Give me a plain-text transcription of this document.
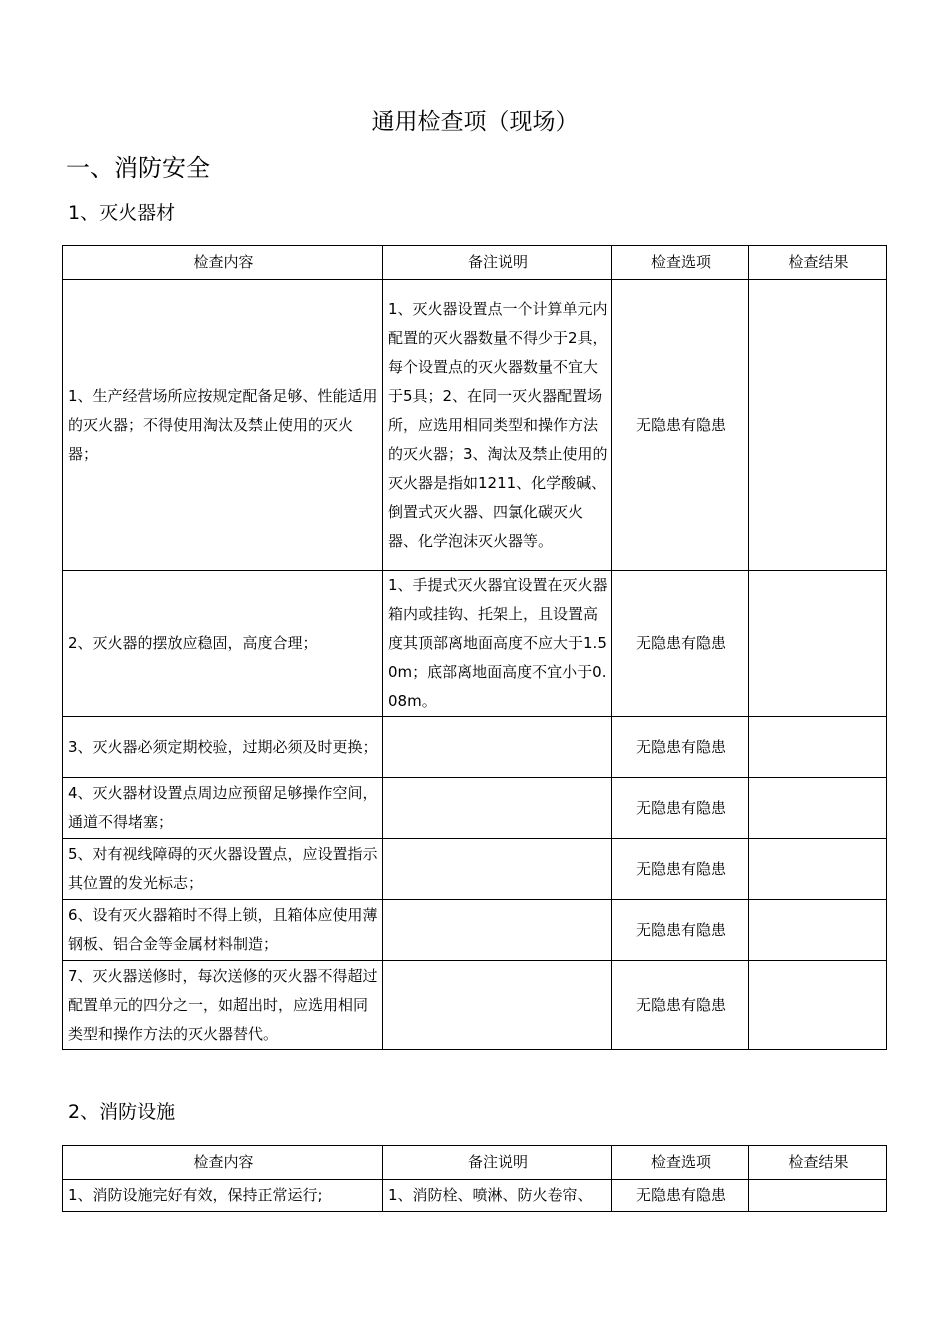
通用检查项（现场）
一、消防安全
1、灭火器材
检查内容	备注说明	检查选项	检查结果
1、生产经营场所应按规定配备足够、性能适用的灭火器；不得使用淘汰及禁止使用的灭火器；	1、灭火器设置点一个计算单元内配置的灭火器数量不得少于2具，每个设置点的灭火器数量不宜大于5具；2、在同一灭火器配置场所，应选用相同类型和操作方法的灭火器；3、淘汰及禁止使用的灭火器是指如1211、化学酸碱、倒置式灭火器、四氯化碳灭火器、化学泡沫灭火器等。	无隐患有隐患	
2、灭火器的摆放应稳固，高度合理；	1、手提式灭火器宜设置在灭火器箱内或挂钩、托架上，且设置高度其顶部离地面高度不应大于1.50m；底部离地面高度不宜小于0.08m。	无隐患有隐患	
3、灭火器必须定期校验，过期必须及时更换；		无隐患有隐患	
4、灭火器材设置点周边应预留足够操作空间，通道不得堵塞；		无隐患有隐患	
5、对有视线障碍的灭火器设置点，应设置指示其位置的发光标志；		无隐患有隐患	
6、设有灭火器箱时不得上锁，且箱体应使用薄钢板、铝合金等金属材料制造；		无隐患有隐患	
7、灭火器送修时，每次送修的灭火器不得超过配置单元的四分之一，如超出时，应选用相同类型和操作方法的灭火器替代。		无隐患有隐患	
2、消防设施
检查内容	备注说明	检查选项	检查结果
1、消防设施完好有效，保持正常运行;	1、消防栓、喷淋、防火卷帘、	无隐患有隐患	
